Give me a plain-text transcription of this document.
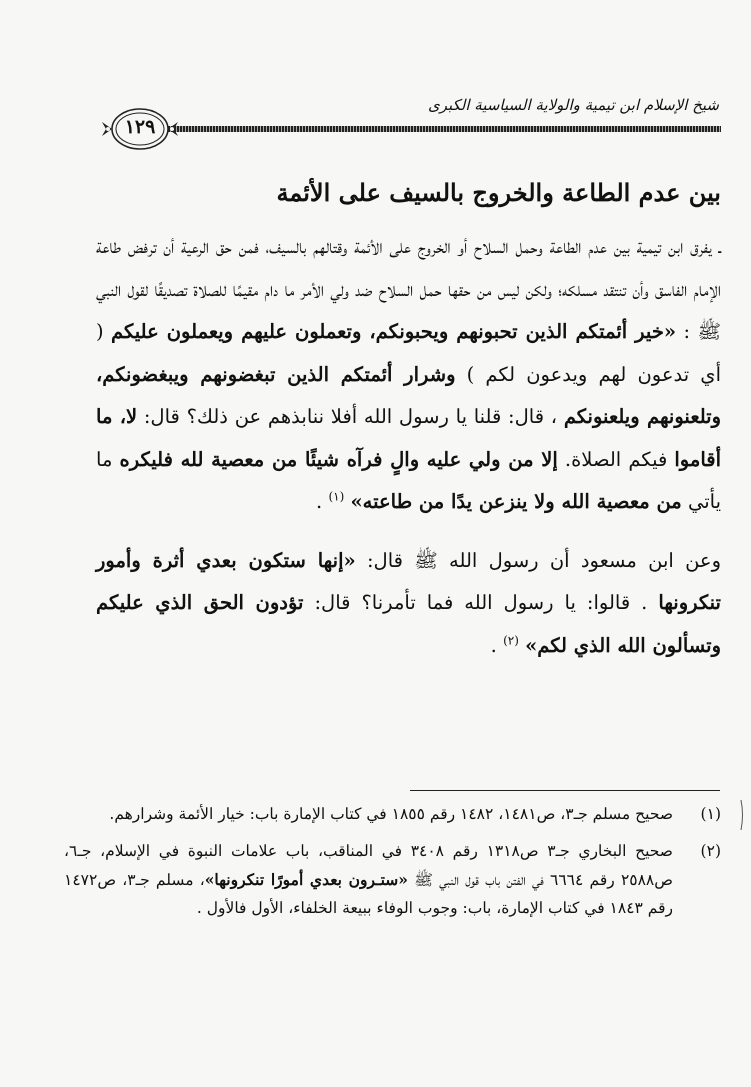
شيخ الإسلام ابن تيمية والولاية السياسية الكبرى
١٢٩
بين عدم الطاعة والخروج بالسيف على الأئمة

ـ يفرق ابن تيمية بين عدم الطاعة وحمل السلاح أو الخروج على الأئمة وقتالهم بالسيف، فمن حق الرعية أن ترفض طاعة الإمام الفاسق وأن تنتقد مسلكه؛ ولكن ليس من حقها حمل السلاح ضد ولي الأمر ما دام مقيمًا للصلاة تصديقًا لقول النبي ﷺ : «خير أئمتكم الذين تحبونهم ويحبونكم، وتعملون عليهم ويعملون عليكم ( أي تدعون لهم ويدعون لكم ) وشرار أئمتكم الذين تبغضونهم ويبغضونكم، وتلعنونهم ويلعنونكم ، قال: قلنا يا رسول الله أفلا ننابذهم عن ذلك؟ قال: لا، ما أقاموا فيكم الصلاة. إلا من ولي عليه والٍ فرآه شيئًا من معصية لله فليكره ما يأتي من معصية الله ولا ينزعن يدًا من طاعته» $^{(١)}$ .

وعن ابن مسعود أن رسول الله ﷺ قال: «إنها ستكون بعدي أثرة وأمور تنكرونها . قالوا: يا رسول الله فما تأمرنا؟ قال: تؤدون الحق الذي عليكم وتسألون الله الذي لكم» $^{(٢)}$ .

(١)
صحيح مسلم جـ٣، ص١٤٨١، ١٤٨٢ رقم ١٨٥٥ في كتاب الإمارة باب: خيار الأئمة وشرارهم.
(٢)
صحيح البخاري جـ٣ ص١٣١٨ رقم ٣٤٠٨ في المناقب، باب علامات النبوة في الإسلام، جـ٦، ص٢٥٨٨ رقم ٦٦٦٤ في الفتن باب قول النبي ﷺ «ستـرون بعدي أمورًا تنكرونها»، مسلم جـ٣، ص١٤٧٢ رقم ١٨٤٣ في كتاب الإمارة، باب: وجوب الوفاء ببيعة الخلفاء، الأول فالأول .
